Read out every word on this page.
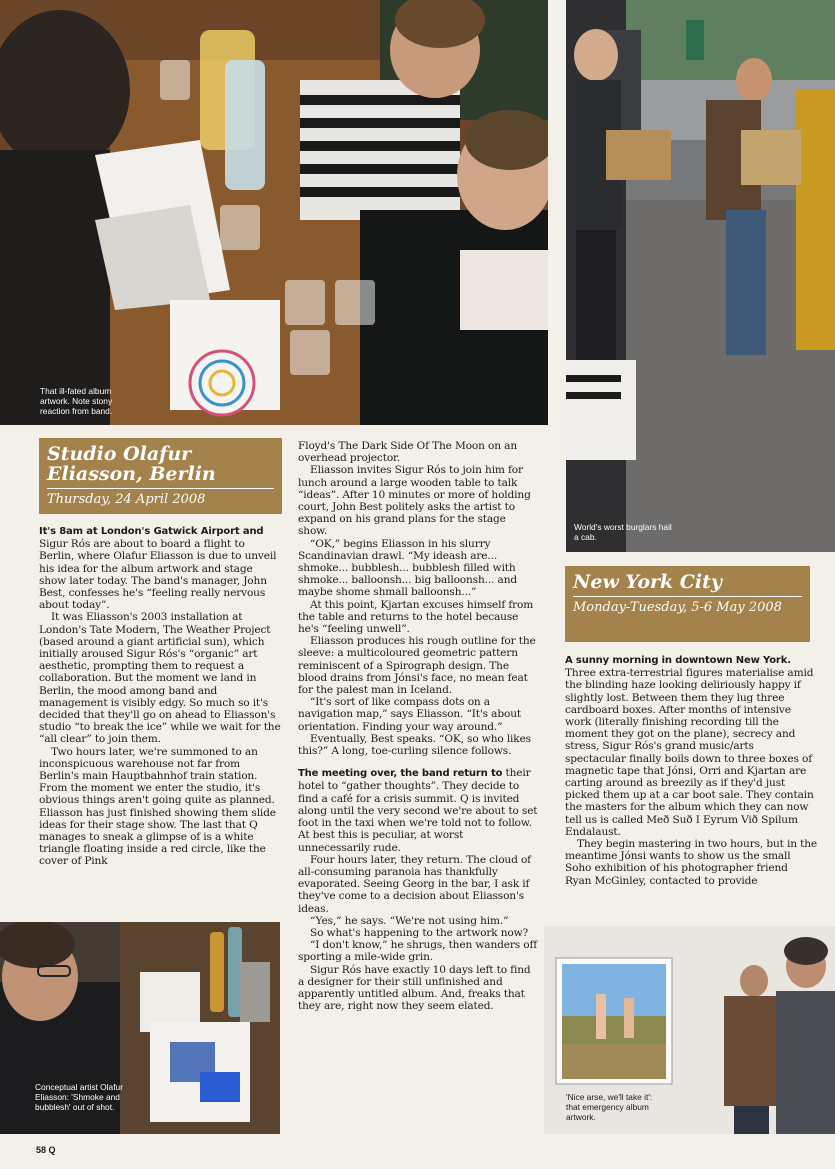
That ill-fated album artwork. Note stony reaction from band.
World's worst burglars hail a cab.
Conceptual artist Olafur Eliasson: 'Shmoke and bubblesh' out of shot.
'Nice arse, we'll take it': that emergency album artwork.
Studio Olafur Eliasson, Berlin
Thursday, 24 April 2008
New York City
Monday-Tuesday, 5-6 May 2008

It's 8am at London's Gatwick Airport and Sigur Rós are about to board a flight to Berlin, where Olafur Eliasson is due to unveil his idea for the album artwork and stage show later today. The band's manager, John Best, confesses he's “feeling really nervous about today”.

It was Eliasson's 2003 installation at London's Tate Modern, The Weather Project (based around a giant artificial sun), which initially aroused Sigur Rós's “organic” art aesthetic, prompting them to request a collaboration. But the moment we land in Berlin, the mood among band and management is visibly edgy. So much so it's decided that they'll go on ahead to Eliasson's studio “to break the ice” while we wait for the “all clear” to join them.

Two hours later, we're summoned to an inconspicuous warehouse not far from Berlin's main Hauptbahnhof train station. From the moment we enter the studio, it's obvious things aren't going quite as planned. Eliasson has just finished showing them slide ideas for their stage show. The last that Q manages to sneak a glimpse of is a white triangle floating inside a red circle, like the cover of Pink

Floyd's The Dark Side Of The Moon on an overhead projector.

Eliasson invites Sigur Rós to join him for lunch around a large wooden table to talk “ideas”. After 10 minutes or more of holding court, John Best politely asks the artist to expand on his grand plans for the stage show.

“OK,” begins Eliasson in his slurry Scandinavian drawl. “My ideash are... shmoke... bubblesh... bubblesh filled with shmoke... balloonsh... big balloonsh... and maybe shome shmall balloonsh...”

At this point, Kjartan excuses himself from the table and returns to the hotel because he's “feeling unwell”.

Eliasson produces his rough outline for the sleeve: a multicoloured geometric pattern reminiscent of a Spirograph design. The blood drains from Jónsi's face, no mean feat for the palest man in Iceland.

“It's sort of like compass dots on a navigation map,” says Eliasson. “It's about orientation. Finding your way around.”

Eventually, Best speaks. “OK, so who likes this?” A long, toe-curling silence follows.

The meeting over, the band return to their hotel to “gather thoughts”. They decide to find a café for a crisis summit. Q is invited along until the very second we're about to set foot in the taxi when we're told not to follow. At best this is peculiar, at worst unnecessarily rude.

Four hours later, they return. The cloud of all-consuming paranoia has thankfully evaporated. Seeing Georg in the bar, I ask if they've come to a decision about Eliasson's ideas.

“Yes,” he says. “We're not using him.”

So what's happening to the artwork now?

“I don't know,” he shrugs, then wanders off sporting a mile-wide grin.

Sigur Rós have exactly 10 days left to find a designer for their still unfinished and apparently untitled album. And, freaks that they are, right now they seem elated.

A sunny morning in downtown New York. Three extra-terrestrial figures materialise amid the blinding haze looking deliriously happy if slightly lost. Between them they lug three cardboard boxes. After months of intensive work (literally finishing recording till the moment they got on the plane), secrecy and stress, Sigur Rós's grand music/arts spectacular finally boils down to three boxes of magnetic tape that Jónsi, Orri and Kjartan are carting around as breezily as if they'd just picked them up at a car boot sale. They contain the masters for the album which they can now tell us is called Með Suð I Eyrum Við Spilum Endalaust.

They begin mastering in two hours, but in the meantime Jónsi wants to show us the small Soho exhibition of his photographer friend Ryan McGinley, contacted to provide

58 Q
